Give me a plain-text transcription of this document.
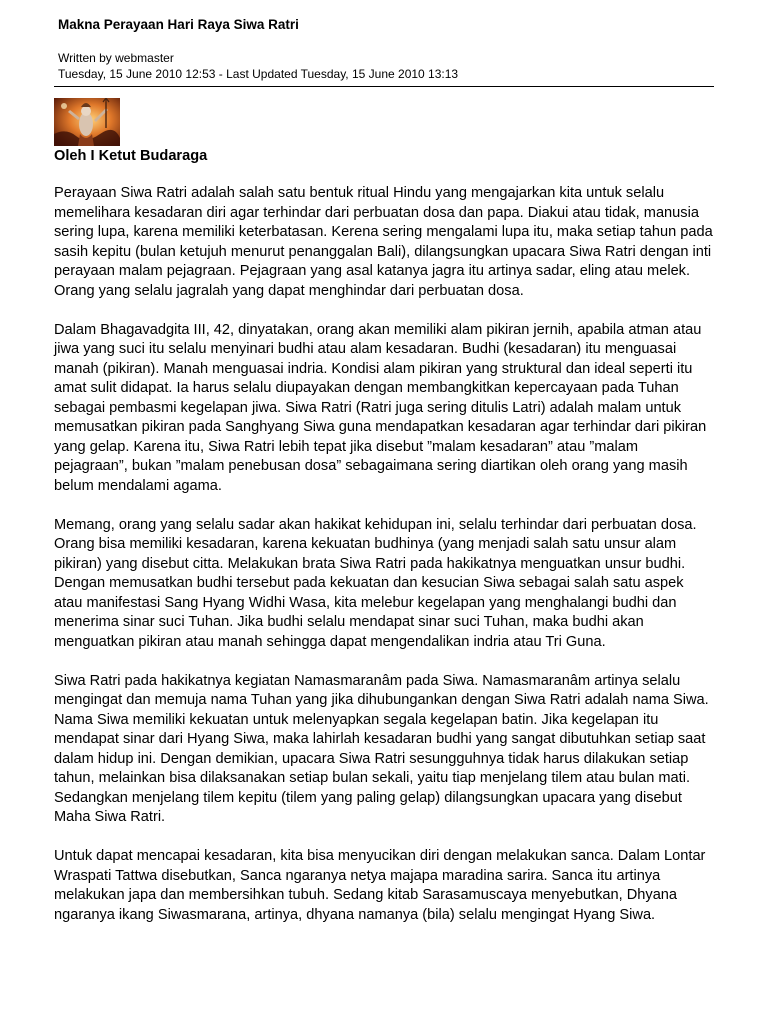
Makna Perayaan Hari Raya Siwa Ratri
Written by webmaster
Tuesday, 15 June 2010 12:53 - Last Updated Tuesday, 15 June 2010 13:13
Oleh I Ketut Budaraga

Perayaan Siwa Ratri adalah salah satu bentuk ritual Hindu yang mengajarkan kita untuk selalu memelihara kesadaran diri agar terhindar dari perbuatan dosa dan papa. Diakui atau tidak, manusia sering lupa, karena memiliki keterbatasan. Kerena sering mengalami lupa itu, maka setiap tahun pada sasih kepitu (bulan ketujuh menurut penanggalan Bali), dilangsungkan upacara Siwa Ratri dengan inti perayaan malam pejagraan. Pejagraan yang asal katanya jagra itu artinya sadar, eling atau melek. Orang yang selalu jagralah yang dapat menghindar dari perbuatan dosa.

Dalam Bhagavadgita III, 42, dinyatakan, orang akan memiliki alam pikiran jernih, apabila atman atau jiwa yang suci itu selalu menyinari budhi atau alam kesadaran. Budhi (kesadaran) itu menguasai manah (pikiran). Manah menguasai indria. Kondisi alam pikiran yang struktural dan ideal seperti itu amat sulit didapat. Ia harus selalu diupayakan dengan membangkitkan kepercayaan pada Tuhan sebagai pembasmi kegelapan jiwa. Siwa Ratri (Ratri juga sering ditulis Latri) adalah malam untuk memusatkan pikiran pada Sanghyang Siwa guna mendapatkan kesadaran agar terhindar dari pikiran yang gelap. Karena itu, Siwa Ratri lebih tepat jika disebut ”malam kesadaran” atau ”malam pejagraan”, bukan ”malam penebusan dosa” sebagaimana sering diartikan oleh orang yang masih belum mendalami agama.

Memang, orang yang selalu sadar akan hakikat kehidupan ini, selalu terhindar dari perbuatan dosa. Orang bisa memiliki kesadaran, karena kekuatan budhinya (yang menjadi salah satu unsur alam pikiran) yang disebut citta. Melakukan brata Siwa Ratri pada hakikatnya menguatkan unsur budhi. Dengan memusatkan budhi tersebut pada kekuatan dan kesucian Siwa sebagai salah satu aspek atau manifestasi Sang Hyang Widhi Wasa, kita melebur kegelapan yang menghalangi budhi dan menerima sinar suci Tuhan. Jika budhi selalu mendapat sinar suci Tuhan, maka budhi akan menguatkan pikiran atau manah sehingga dapat mengendalikan indria atau Tri Guna.

Siwa Ratri pada hakikatnya kegiatan Namasmaranâm pada Siwa. Namasmaranâm artinya selalu mengingat dan memuja nama Tuhan yang jika dihubungankan dengan Siwa Ratri adalah nama Siwa. Nama Siwa memiliki kekuatan untuk melenyapkan segala kegelapan batin. Jika kegelapan itu mendapat sinar dari Hyang Siwa, maka lahirlah kesadaran budhi yang sangat dibutuhkan setiap saat dalam hidup ini. Dengan demikian, upacara Siwa Ratri sesungguhnya tidak harus dilakukan setiap tahun, melainkan bisa dilaksanakan setiap bulan sekali, yaitu tiap menjelang tilem atau bulan mati. Sedangkan menjelang tilem kepitu (tilem yang paling gelap) dilangsungkan upacara yang disebut Maha Siwa Ratri.

Untuk dapat mencapai kesadaran, kita bisa menyucikan diri dengan melakukan sanca. Dalam Lontar Wraspati Tattwa disebutkan, Sanca ngaranya netya majapa maradina sarira. Sanca itu artinya melakukan japa dan membersihkan tubuh. Sedang kitab Sarasamuscaya menyebutkan, Dhyana ngaranya ikang Siwasmarana, artinya, dhyana namanya (bila) selalu mengingat Hyang Siwa.
